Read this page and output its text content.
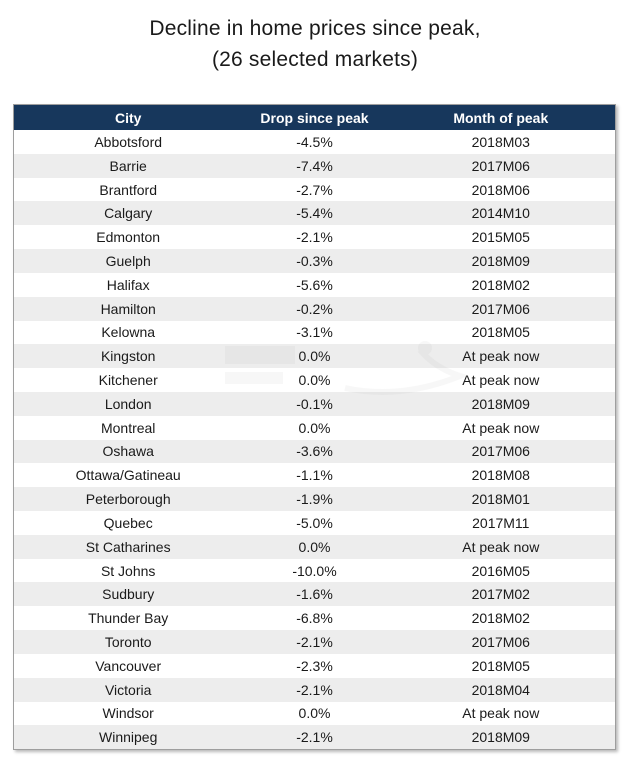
Decline in home prices since peak,
(26 selected markets)
City	Drop since peak	Month of peak
Abbotsford	-4.5%	2018M03
Barrie	-7.4%	2017M06
Brantford	-2.7%	2018M06
Calgary	-5.4%	2014M10
Edmonton	-2.1%	2015M05
Guelph	-0.3%	2018M09
Halifax	-5.6%	2018M02
Hamilton	-0.2%	2017M06
Kelowna	-3.1%	2018M05
Kingston	0.0%	At peak now
Kitchener	0.0%	At peak now
London	-0.1%	2018M09
Montreal	0.0%	At peak now
Oshawa	-3.6%	2017M06
Ottawa/Gatineau	-1.1%	2018M08
Peterborough	-1.9%	2018M01
Quebec	-5.0%	2017M11
St Catharines	0.0%	At peak now
St Johns	-10.0%	2016M05
Sudbury	-1.6%	2017M02
Thunder Bay	-6.8%	2018M02
Toronto	-2.1%	2017M06
Vancouver	-2.3%	2018M05
Victoria	-2.1%	2018M04
Windsor	0.0%	At peak now
Winnipeg	-2.1%	2018M09
